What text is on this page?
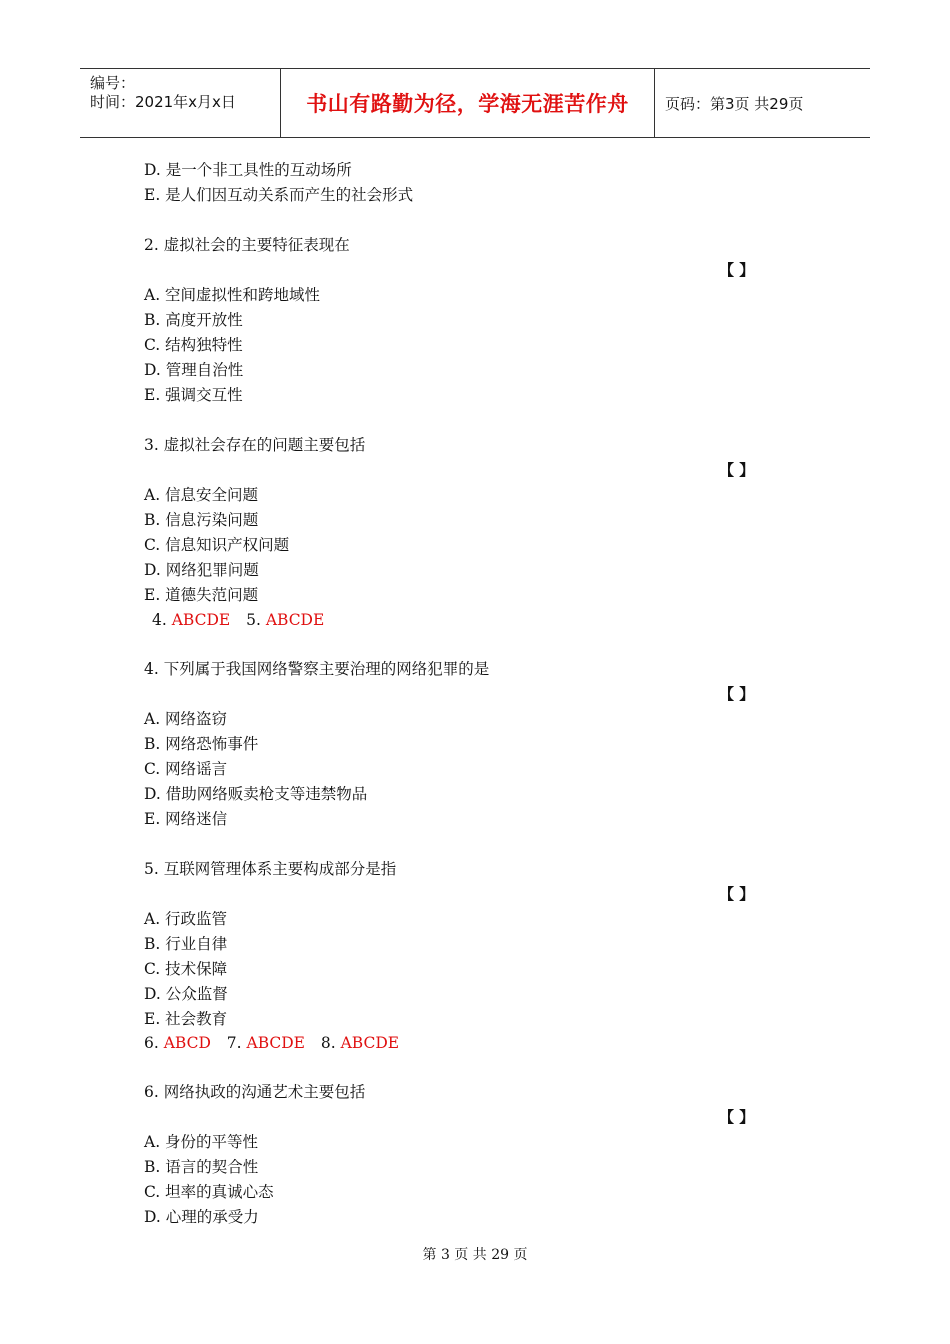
编号：
时间：2021年x月x日	书山有路勤为径，学海无涯苦作舟 页码：第3页 共29页
D. 是一个非工具性的互动场所
E. 是人们因互动关系而产生的社会形式
2. 虚拟社会的主要特征表现在
【 】
A. 空间虚拟性和跨地域性
B. 高度开放性
C. 结构独特性
D. 管理自治性
E. 强调交互性
3. 虚拟社会存在的问题主要包括
【 】
A. 信息安全问题
B. 信息污染问题
C. 信息知识产权问题
D. 网络犯罪问题
E. 道德失范问题
4. ABCDE 5. ABCDE
4. 下列属于我国网络警察主要治理的网络犯罪的是
【 】
A. 网络盗窃
B. 网络恐怖事件
C. 网络谣言
D. 借助网络贩卖枪支等违禁物品
E. 网络迷信
5. 互联网管理体系主要构成部分是指
【 】
A. 行政监管
B. 行业自律
C. 技术保障
D. 公众监督
E. 社会教育
6. ABCD 7. ABCDE 8. ABCDE
6. 网络执政的沟通艺术主要包括
【 】
A. 身份的平等性
B. 语言的契合性
C. 坦率的真诚心态
D. 心理的承受力
第 3 页 共 29 页
